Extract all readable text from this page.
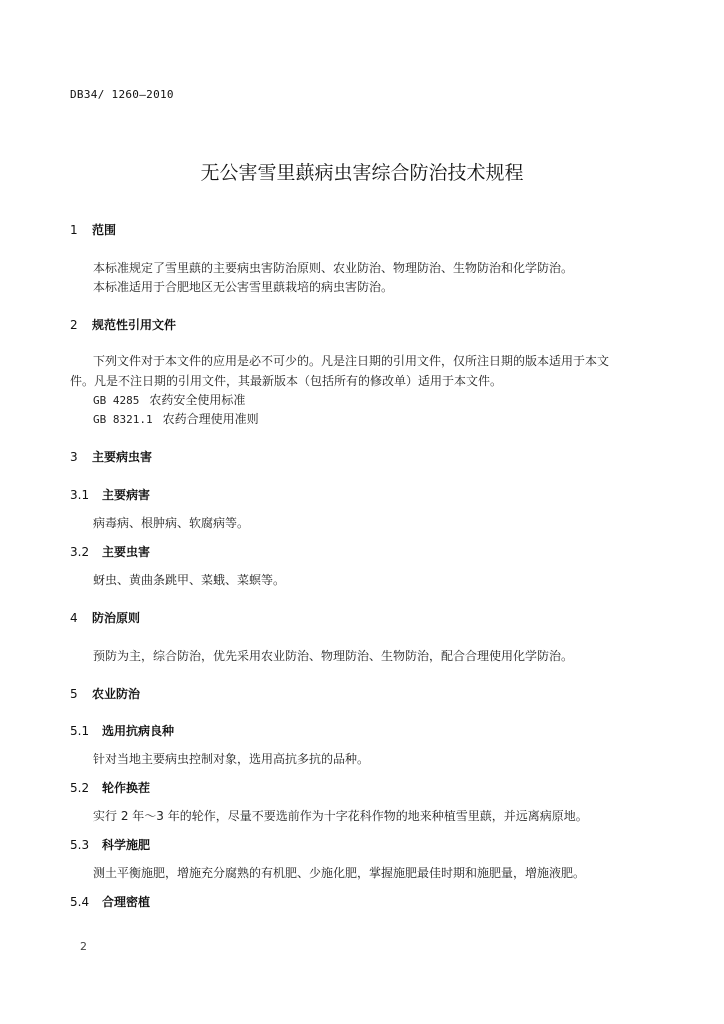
DB34/ 1260—2010
无公害雪里蕻病虫害综合防治技术规程
1 范围
本标准规定了雪里蕻的主要病虫害防治原则、农业防治、物理防治、生物防治和化学防治。
本标准适用于合肥地区无公害雪里蕻栽培的病虫害防治。
2 规范性引用文件
下列文件对于本文件的应用是必不可少的。凡是注日期的引用文件，仅所注日期的版本适用于本文
件。凡是不注日期的引用文件，其最新版本（包括所有的修改单）适用于本文件。
GB 4285 农药安全使用标准
GB 8321.1 农药合理使用准则
3 主要病虫害
3.1 主要病害
病毒病、根肿病、软腐病等。
3.2 主要虫害
蚜虫、黄曲条跳甲、菜蛾、菜螟等。
4 防治原则
预防为主，综合防治，优先采用农业防治、物理防治、生物防治，配合合理使用化学防治。
5 农业防治
5.1 选用抗病良种
针对当地主要病虫控制对象，选用高抗多抗的品种。
5.2 轮作换茬
实行 2 年～3 年的轮作，尽量不要选前作为十字花科作物的地来种植雪里蕻，并远离病原地。
5.3 科学施肥
测土平衡施肥，增施充分腐熟的有机肥、少施化肥，掌握施肥最佳时期和施肥量，增施液肥。
5.4 合理密植
2
